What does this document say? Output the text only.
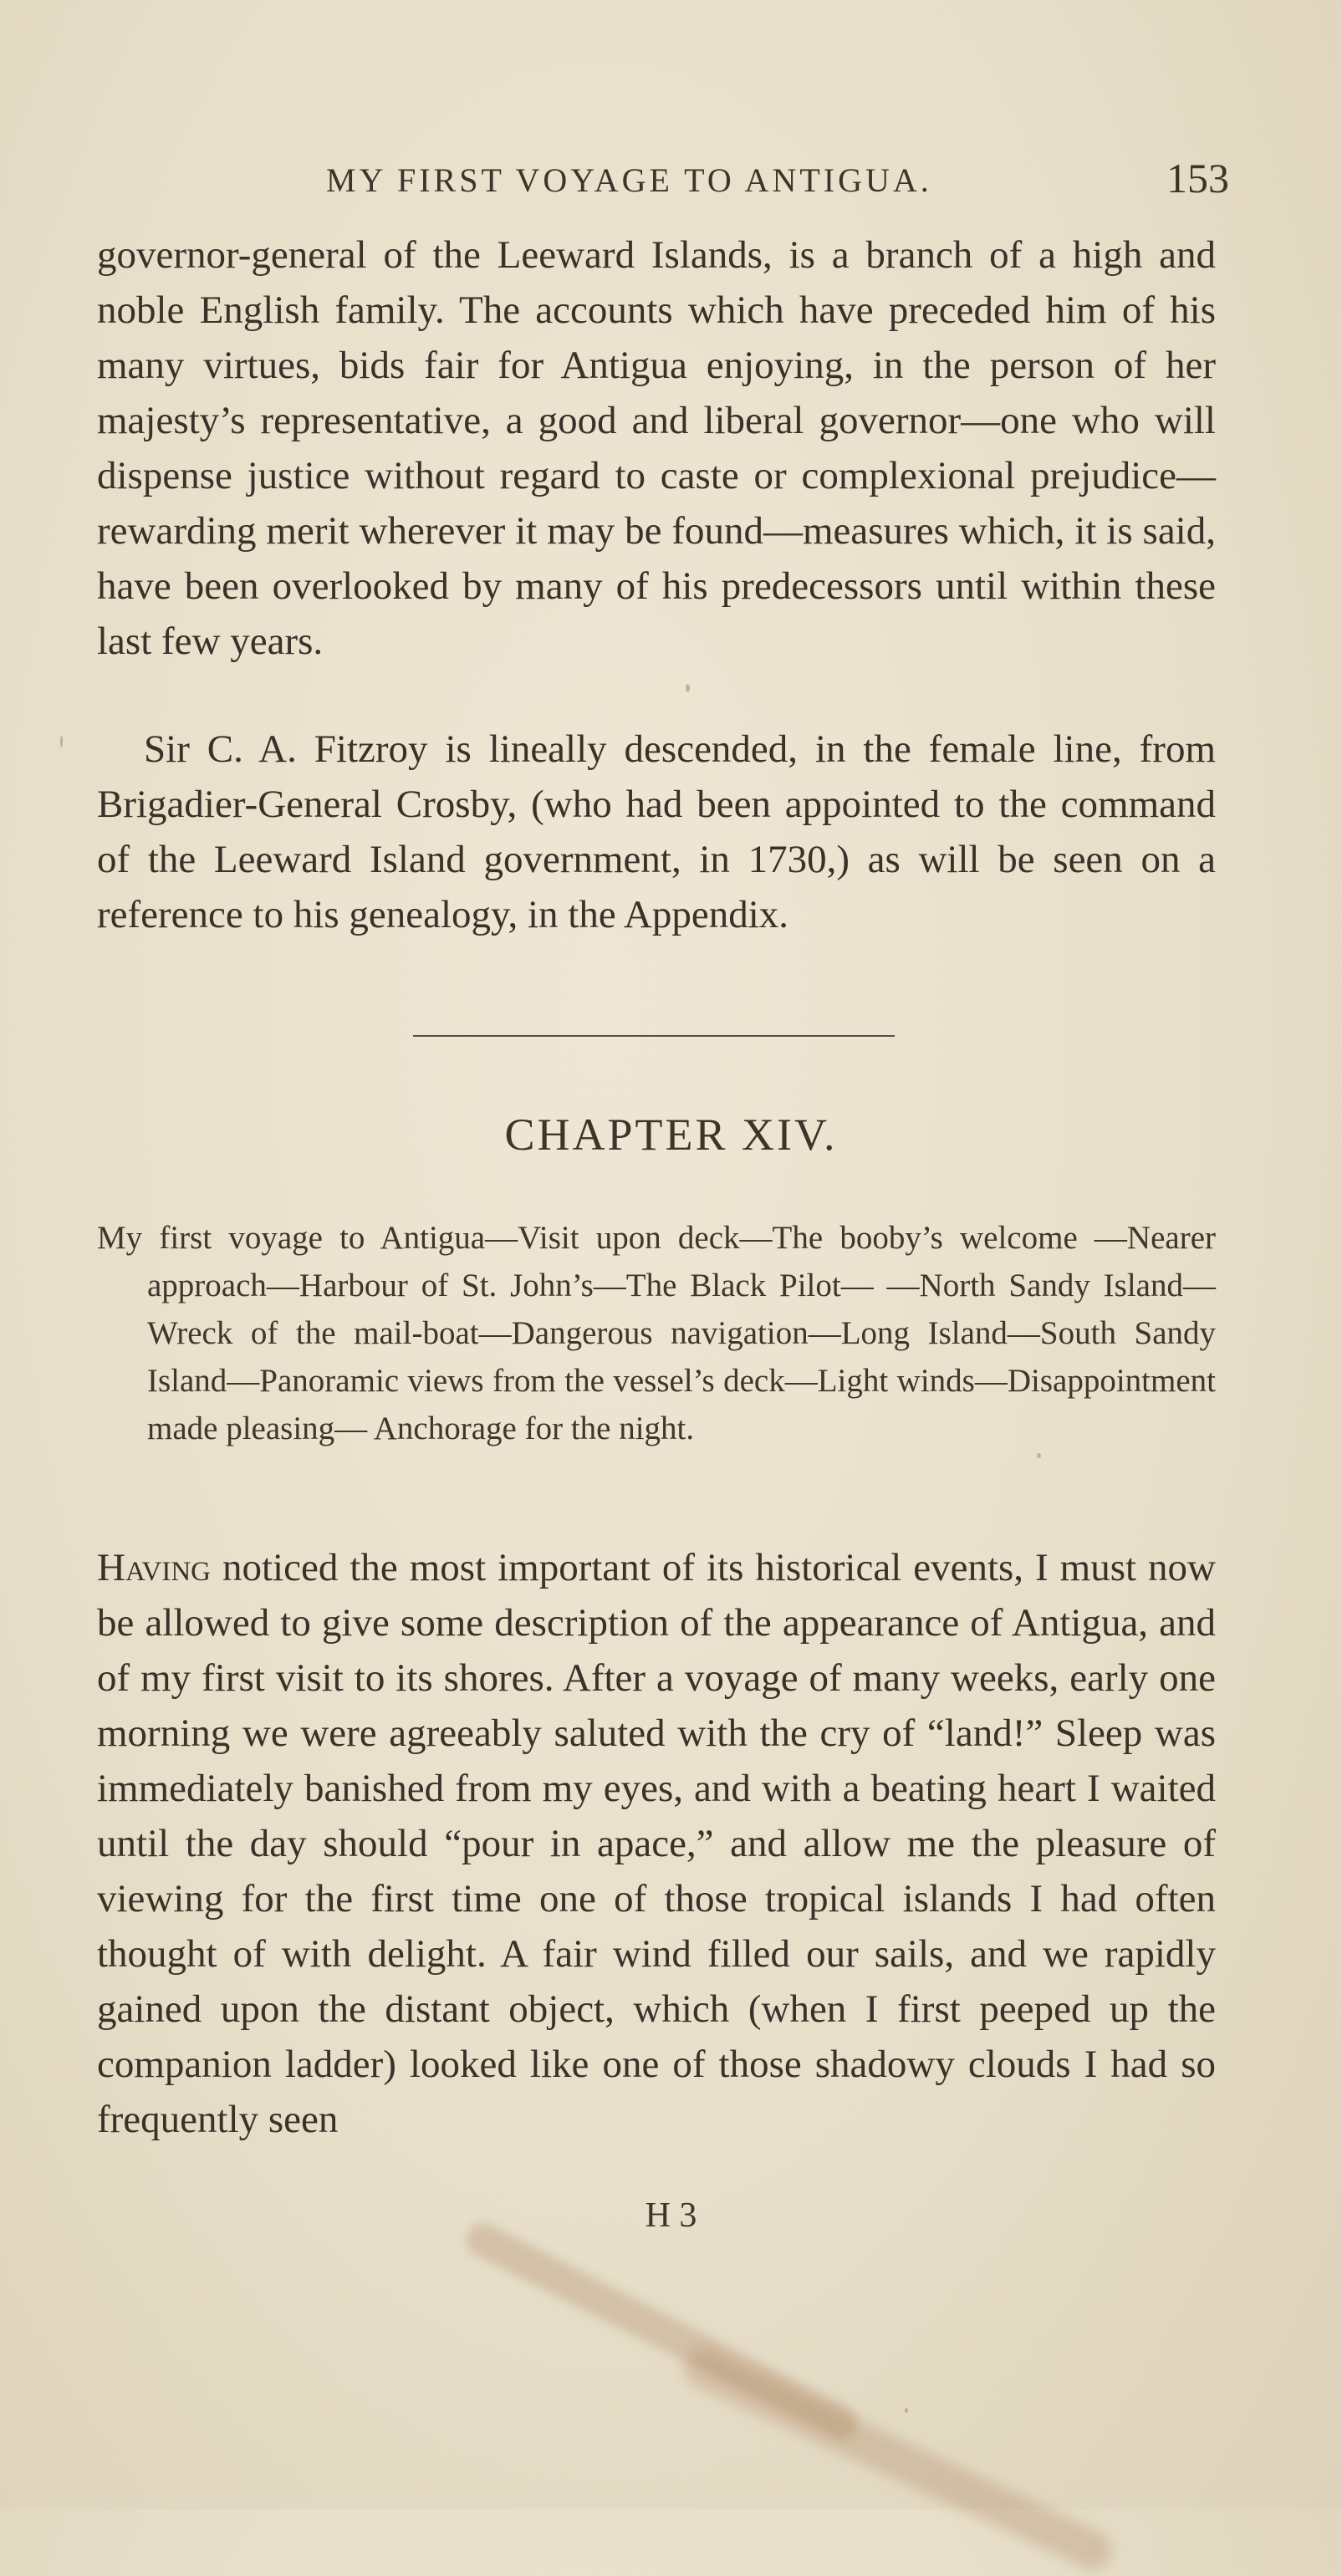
MY FIRST VOYAGE TO ANTIGUA.	153

governor-general of the Leeward Islands, is a branch of a high and noble English family. The accounts which have preceded him of his many virtues, bids fair for Antigua enjoying, in the person of her majesty’s representative, a good and liberal governor—one who will dispense justice without regard to caste or complexional prejudice—rewarding merit wherever it may be found—measures which, it is said, have been overlooked by many of his predecessors until within these last few years.

Sir C. A. Fitzroy is lineally descended, in the female line, from Brigadier-General Crosby, (who had been appointed to the command of the Leeward Island government, in 1730,) as will be seen on a reference to his genealogy, in the Appendix.

CHAPTER XIV.

My first voyage to Antigua—Visit upon deck—The booby’s welcome —Nearer approach—Harbour of St. John’s—The Black Pilot— —North Sandy Island—Wreck of the mail-boat—Dangerous navigation—Long Island—South Sandy Island—Panoramic views from the vessel’s deck—Light winds—Disappointment made pleasing— Anchorage for the night.

Having noticed the most important of its historical events, I must now be allowed to give some description of the appearance of Antigua, and of my first visit to its shores. After a voyage of many weeks, early one morning we were agreeably saluted with the cry of “land!” Sleep was immediately banished from my eyes, and with a beating heart I waited until the day should “pour in apace,” and allow me the pleasure of viewing for the first time one of those tropical islands I had often thought of with delight. A fair wind filled our sails, and we rapidly gained upon the distant object, which (when I first peeped up the companion ladder) looked like one of those shadowy clouds I had so frequently seen

H 3
